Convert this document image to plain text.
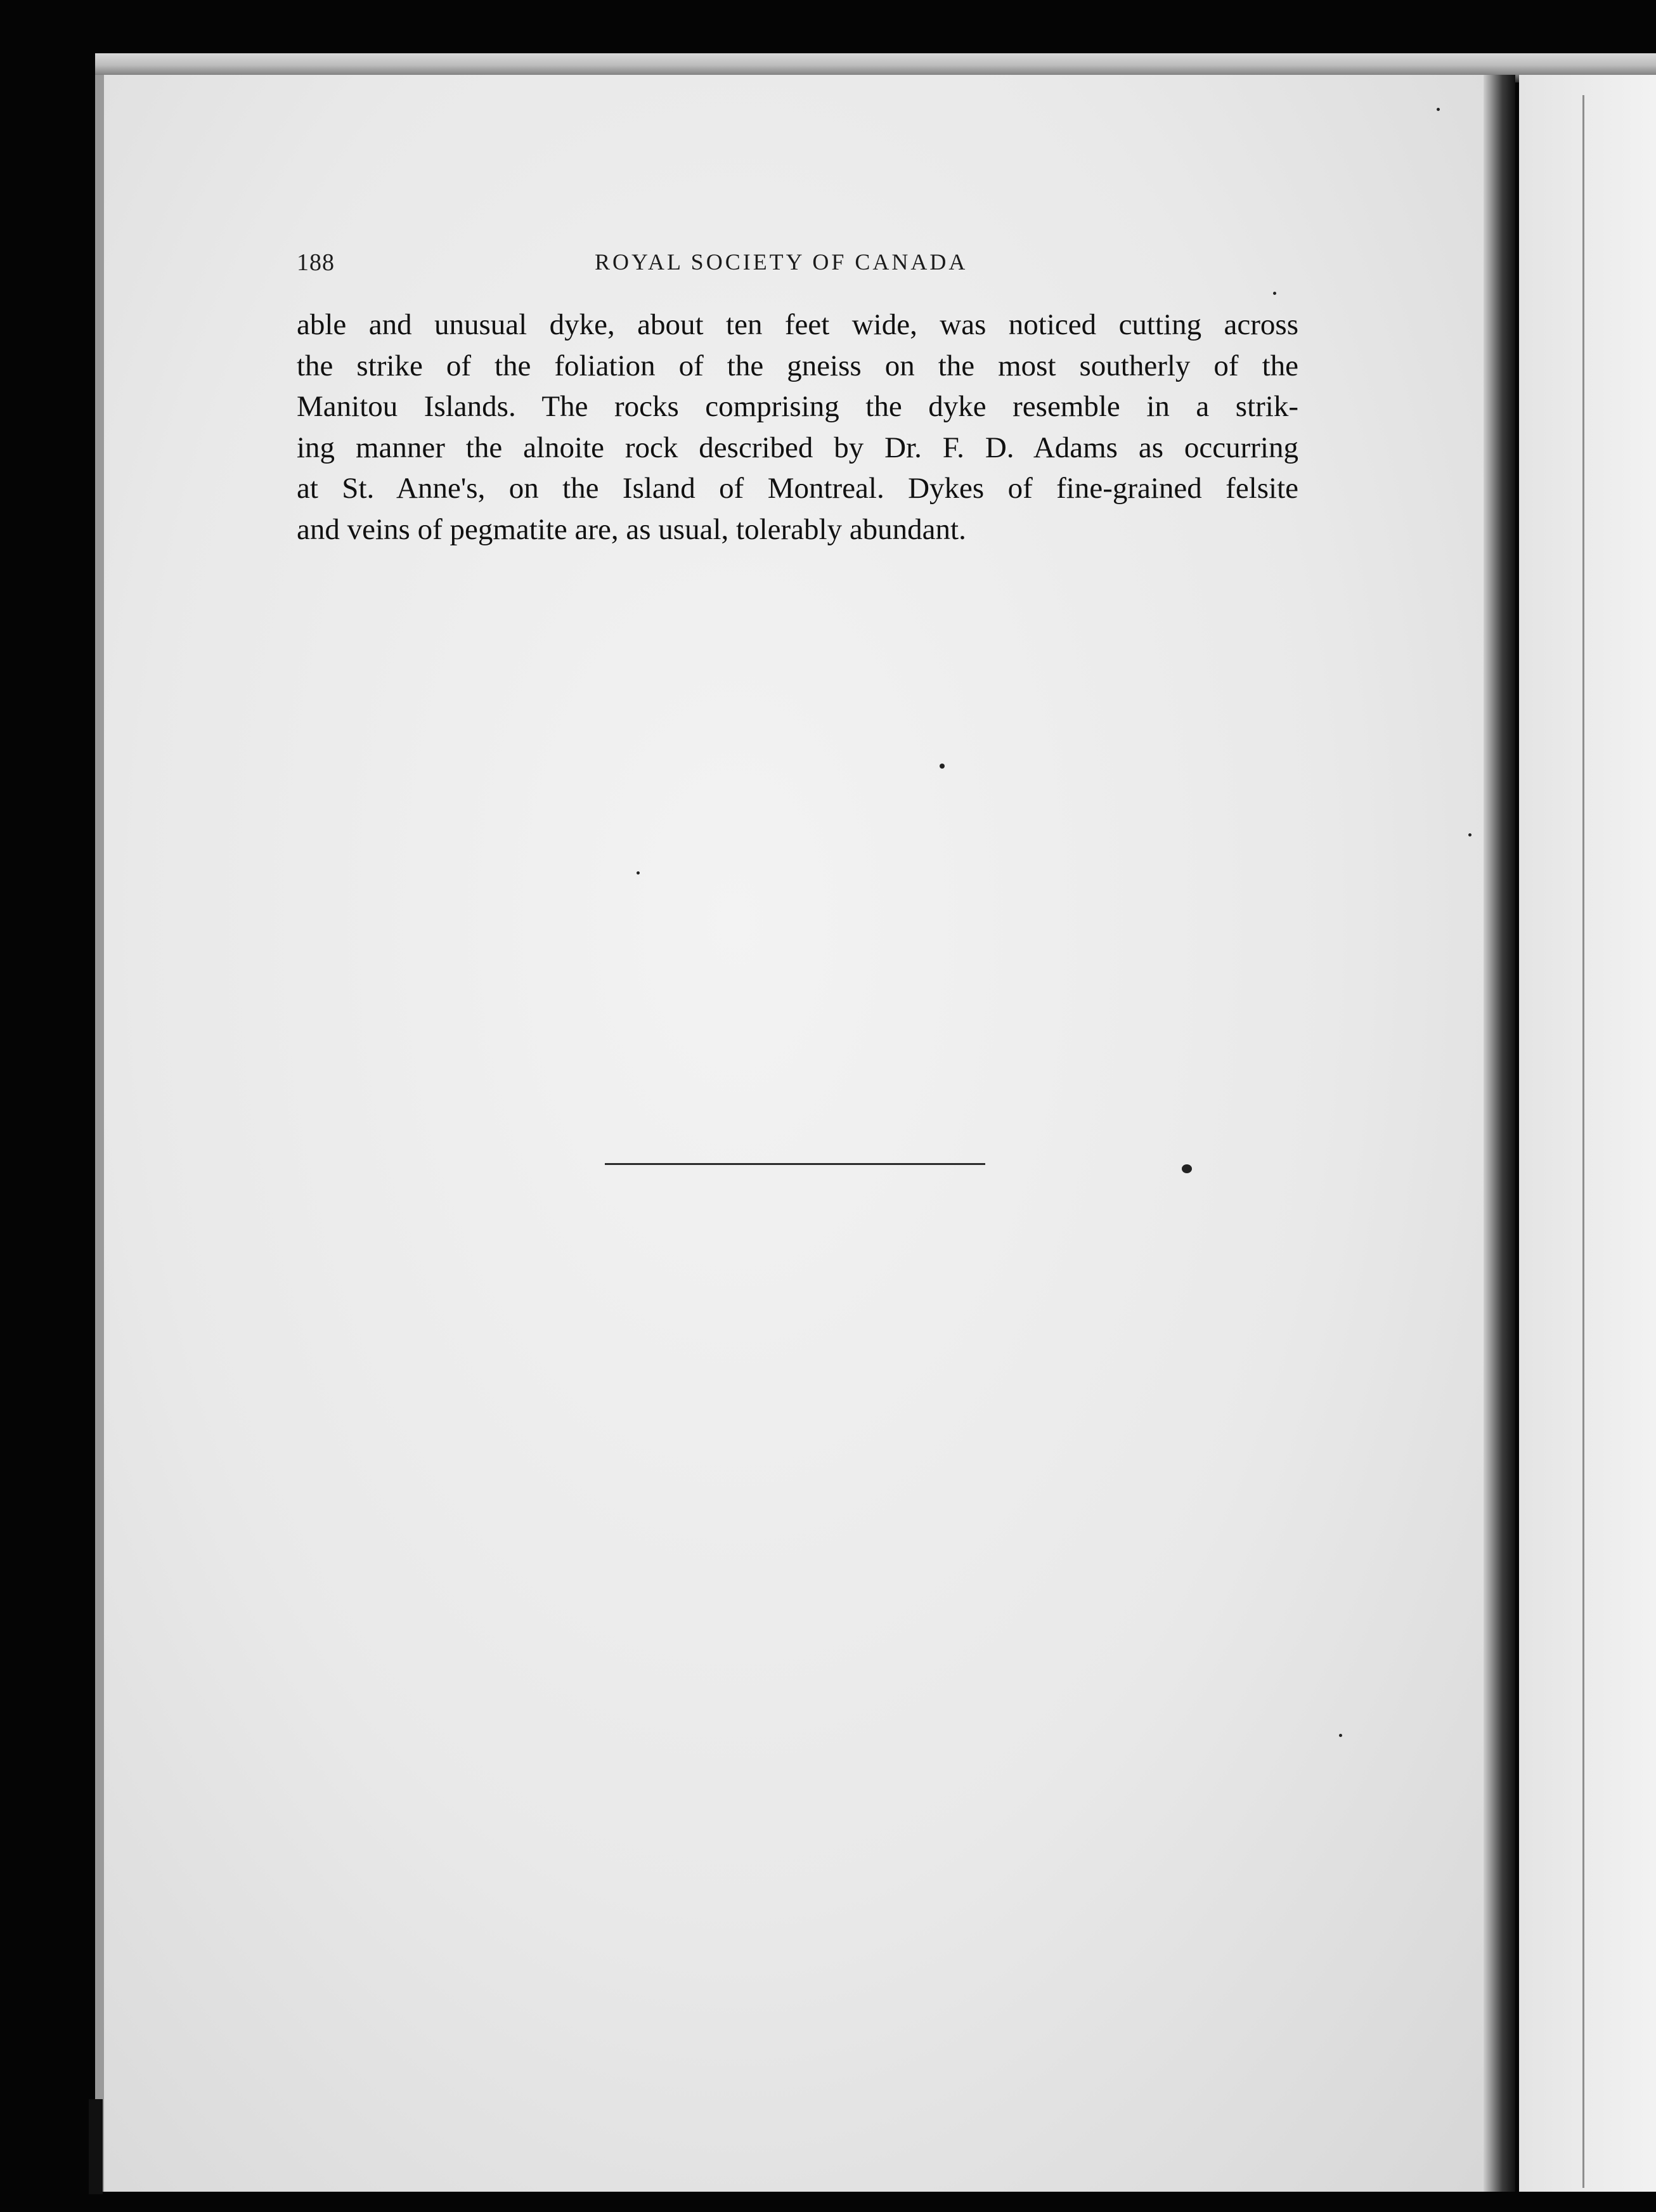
188	ROYAL SOCIETY OF CANADA
able and unusual dyke, about ten feet wide, was noticed cutting across
the strike of the foliation of the gneiss on the most southerly of the
Manitou Islands. The rocks comprising the dyke resemble in a strik-
ing manner the alnoite rock described by Dr. F. D. Adams as occurring
at St. Anne's, on the Island of Montreal. Dykes of fine-grained felsite
and veins of pegmatite are, as usual, tolerably abundant.
